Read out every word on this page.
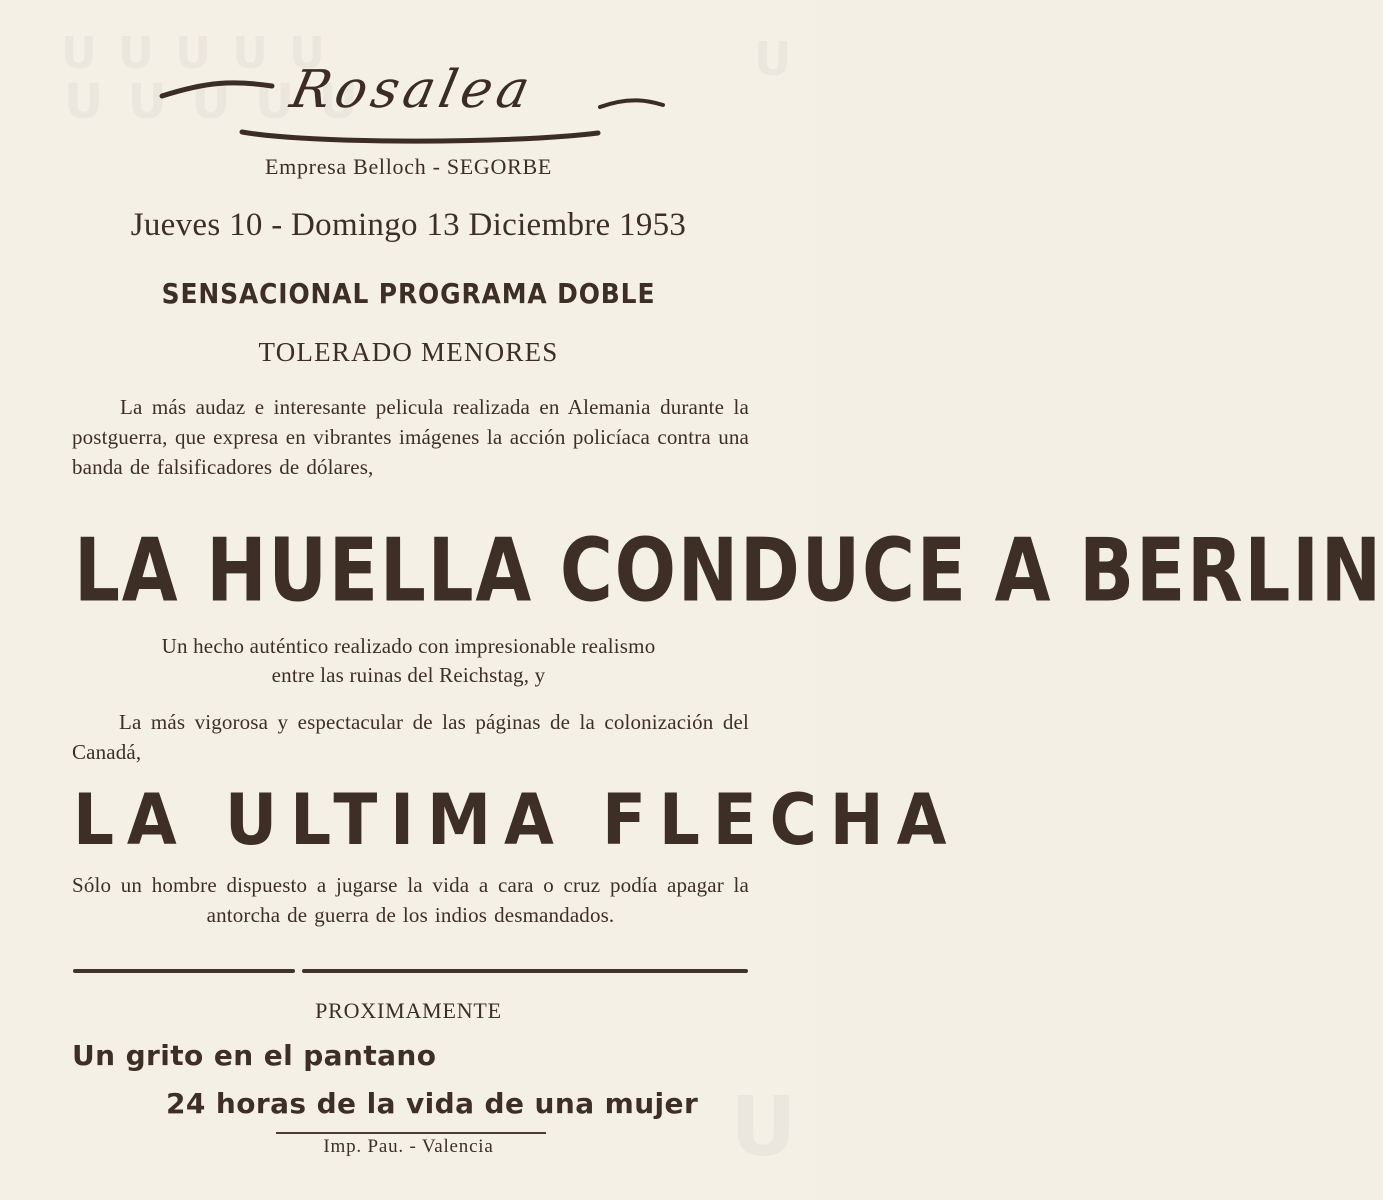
Rosalea
Empresa Belloch - SEGORBE
Jueves 10 - Domingo 13 Diciembre 1953
SENSACIONAL PROGRAMA DOBLE
TOLERADO MENORES
La más audaz e interesante pelicula realizada en Alemania durante la postguerra, que expresa en vibrantes imágenes la acción policíaca contra una banda de falsificadores de dólares,
LA HUELLA CONDUCE A BERLIN
Un hecho auténtico realizado con impresionable realismo
entre las ruinas del Reichstag, y
La más vigorosa y espectacular de las páginas de la colonización del Canadá,
LA ULTIMA FLECHA
Sólo un hombre dispuesto a jugarse la vida a cara o cruz podía apagar la antorcha de guerra de los indios desmandados.
PROXIMAMENTE
Un grito en el pantano
24 horas de la vida de una mujer
Imp. Pau. - Valencia
